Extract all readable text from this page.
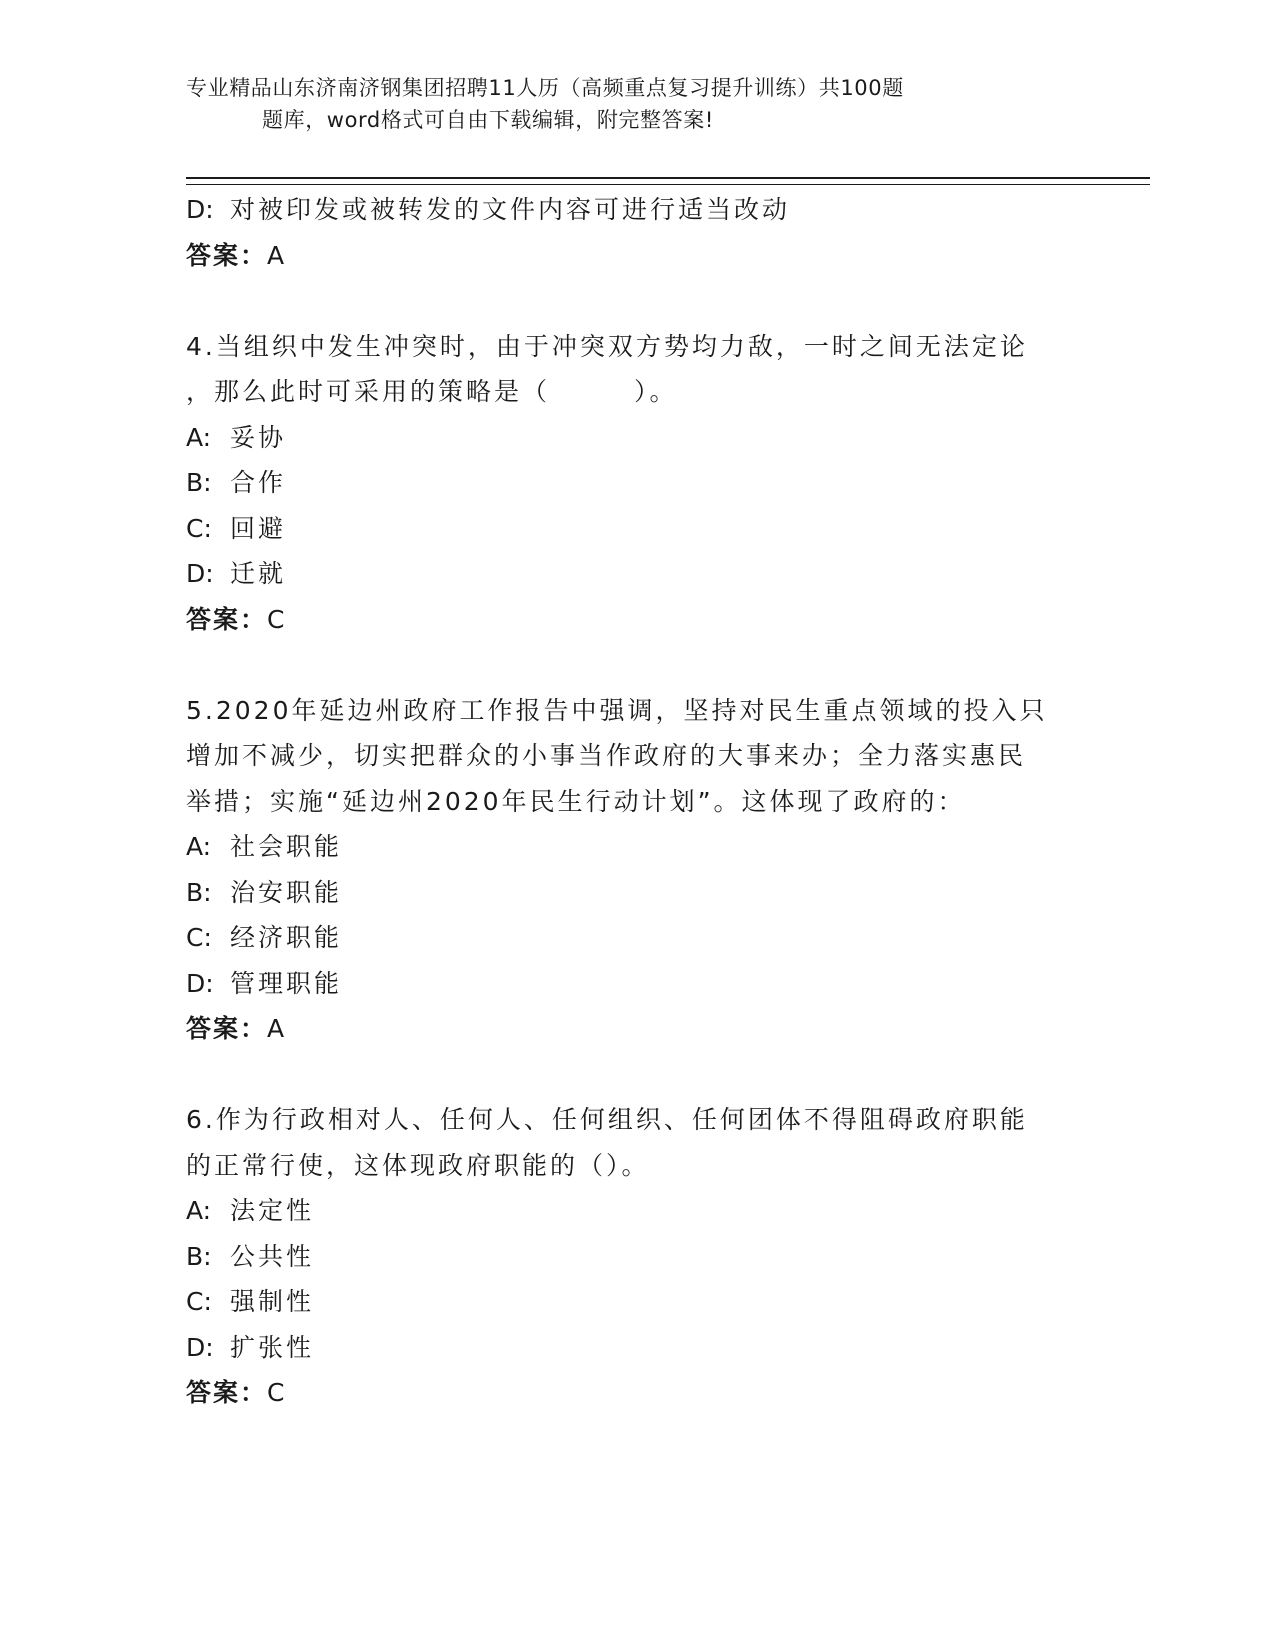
专业精品山东济南济钢集团招聘11人历（高频重点复习提升训练）共100题
题库，word格式可自由下载编辑，附完整答案!
D: 对被印发或被转发的文件内容可进行适当改动
答案：A
4.当组织中发生冲突时，由于冲突双方势均力敌，一时之间无法定论
，那么此时可采用的策略是（　　　）。
A: 妥协
B: 合作
C: 回避
D: 迁就
答案：C
5.2020年延边州政府工作报告中强调，坚持对民生重点领域的投入只
增加不减少，切实把群众的小事当作政府的大事来办；全力落实惠民
举措；实施“延边州2020年民生行动计划”。这体现了政府的：
A: 社会职能
B: 治安职能
C: 经济职能
D: 管理职能
答案：A
6.作为行政相对人、任何人、任何组织、任何团体不得阻碍政府职能
的正常行使，这体现政府职能的（）。
A: 法定性
B: 公共性
C: 强制性
D: 扩张性
答案：C
